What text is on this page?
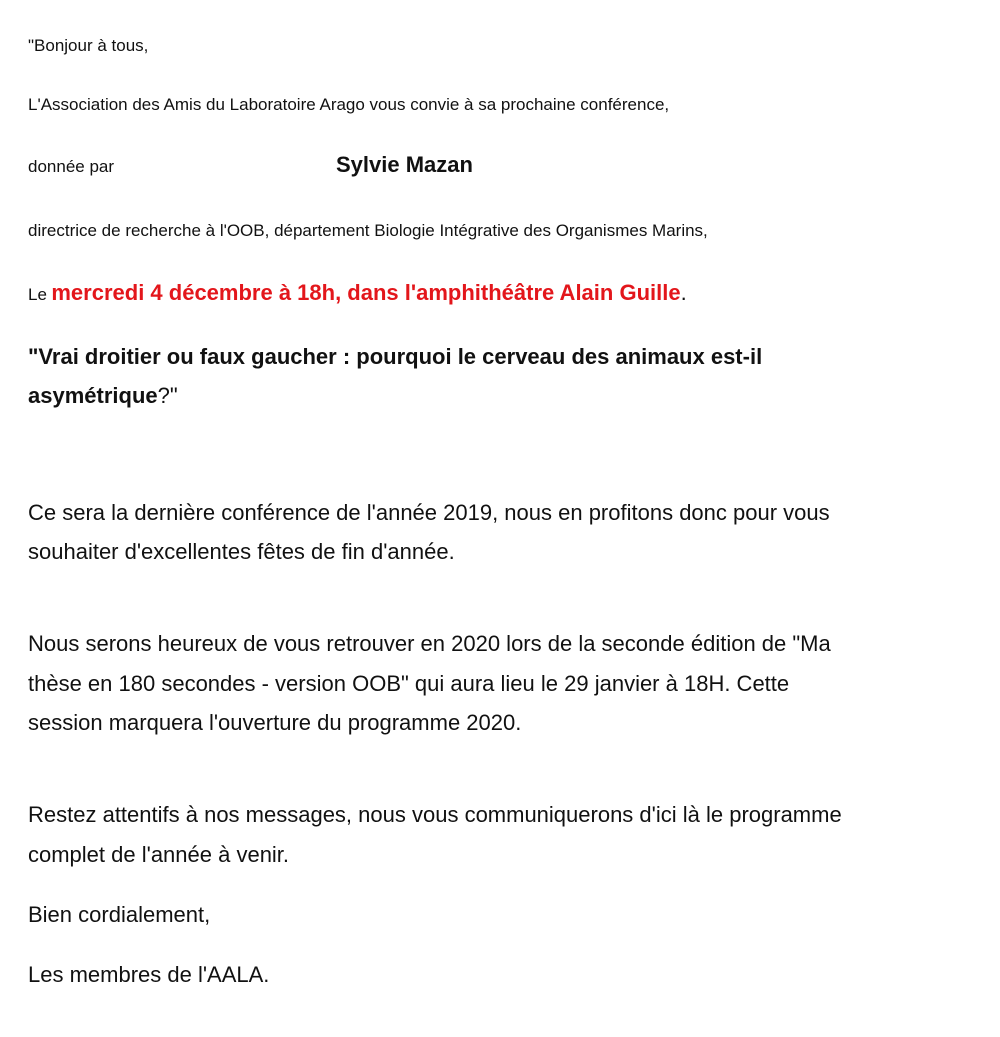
"Bonjour à tous,
L'Association des Amis du Laboratoire Arago vous convie à sa prochaine conférence,
donnée par	Sylvie Mazan
directrice de recherche à l'OOB, département Biologie Intégrative des Organismes Marins,
Le mercredi 4 décembre à 18h, dans l'amphithéâtre Alain Guille.
"Vrai droitier ou faux gaucher : pourquoi le cerveau des animaux est-il
asymétrique?"
Ce sera la dernière conférence de l'année 2019, nous en profitons donc pour vous
souhaiter d'excellentes fêtes de fin d'année.
Nous serons heureux de vous retrouver en 2020 lors de la seconde édition de "Ma
thèse en 180 secondes - version OOB" qui aura lieu le 29 janvier à 18H. Cette
session marquera l'ouverture du programme 2020.
Restez attentifs à nos messages, nous vous communiquerons d'ici là le programme
complet de l'année à venir.
Bien cordialement,
Les membres de l'AALA.
